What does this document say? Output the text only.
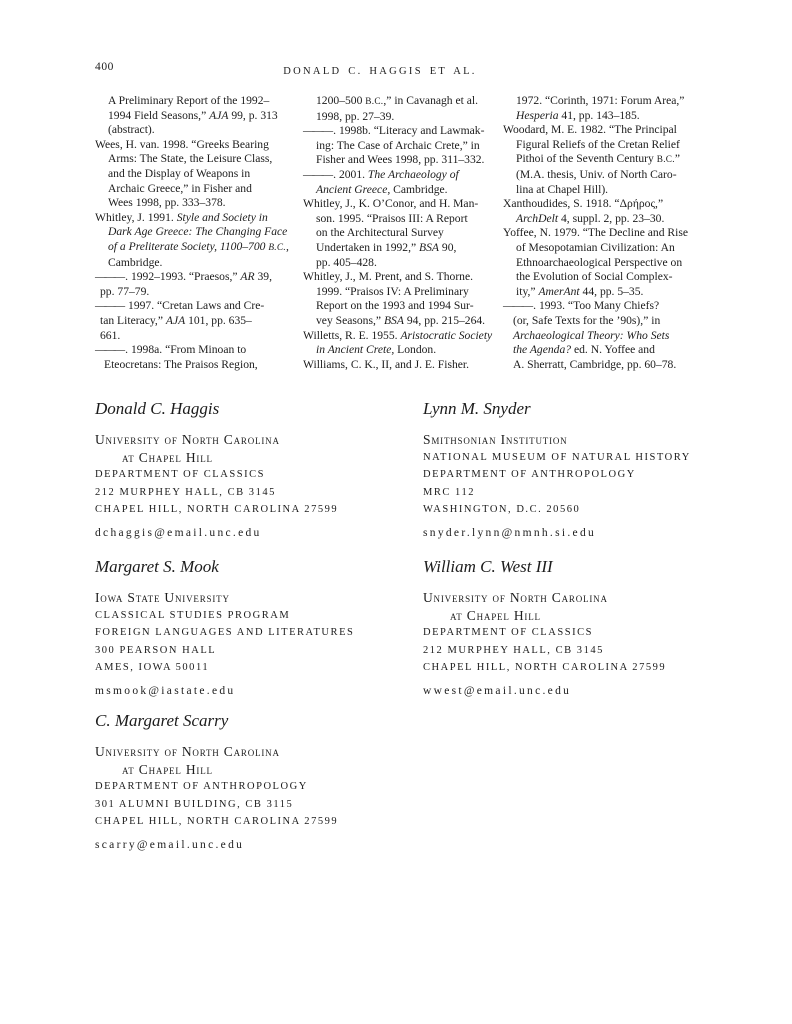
400	DONALD C. HAGGIS ET AL.
A Preliminary Report of the 1992–
1994 Field Seasons,” AJA 99, p. 313
(abstract).
Wees, H. van. 1998. “Greeks Bearing
Arms: The State, the Leisure Class,
and the Display of Weapons in
Archaic Greece,” in Fisher and
Wees 1998, pp. 333–378.
Whitley, J. 1991. Style and Society in
Dark Age Greece: The Changing Face
of a Preliterate Society, 1100–700 B.C.,
Cambridge.
——— . 1992–1993. “Praesos,” AR 39,
pp. 77–79.
——— 1997. “Cretan Laws and Cre-
tan Literacy,” AJA 101, pp. 635–
661.
——— . 1998a. “From Minoan to
Eteocretans: The Praisos Region,
1200–500 B.C.,” in Cavanagh et al.
1998, pp. 27–39.
——— . 1998b. “Literacy and Lawmak-
ing: The Case of Archaic Crete,” in
Fisher and Wees 1998, pp. 311–332.
——— . 2001. The Archaeology of
Ancient Greece, Cambridge.
Whitley, J., K. O’Conor, and H. Man-
son. 1995. “Praisos III: A Report
on the Architectural Survey
Undertaken in 1992,” BSA 90,
pp. 405–428.
Whitley, J., M. Prent, and S. Thorne.
1999. “Praisos IV: A Preliminary
Report on the 1993 and 1994 Sur-
vey Seasons,” BSA 94, pp. 215–264.
Willetts, R. E. 1955. Aristocratic Society
in Ancient Crete, London.
Williams, C. K., II, and J. E. Fisher.
1972. “Corinth, 1971: Forum Area,”
Hesperia 41, pp. 143–185.
Woodard, M. E. 1982. “The Principal
Figural Reliefs of the Cretan Relief
Pithoi of the Seventh Century B.C.”
(M.A. thesis, Univ. of North Caro-
lina at Chapel Hill).
Xanthoudides, S. 1918. “Δρήρος,”
ArchDelt 4, suppl. 2, pp. 23–30.
Yoffee, N. 1979. “The Decline and Rise
of Mesopotamian Civilization: An
Ethnoarchaeological Perspective on
the Evolution of Social Complex-
ity,” AmerAnt 44, pp. 5–35.
——— . 1993. “Too Many Chiefs?
(or, Safe Texts for the ’90s),” in
Archaeological Theory: Who Sets
the Agenda? ed. N. Yoffee and
A. Sherratt, Cambridge, pp. 60–78.
Donald C. Haggis
University of North Carolina
at Chapel Hill
DEPARTMENT OF CLASSICS
212 MURPHEY HALL, CB 3145
CHAPEL HILL, NORTH CAROLINA 27599
dchaggis@email.unc.edu
Lynn M. Snyder
Smithsonian Institution
NATIONAL MUSEUM OF NATURAL HISTORY
DEPARTMENT OF ANTHROPOLOGY
MRC 112
WASHINGTON, D.C. 20560
snyder.lynn@nmnh.si.edu
Margaret S. Mook
Iowa State University
CLASSICAL STUDIES PROGRAM
FOREIGN LANGUAGES AND LITERATURES
300 PEARSON HALL
AMES, IOWA 50011
msmook@iastate.edu
William C. West III
University of North Carolina
at Chapel Hill
DEPARTMENT OF CLASSICS
212 MURPHEY HALL, CB 3145
CHAPEL HILL, NORTH CAROLINA 27599
wwest@email.unc.edu
C. Margaret Scarry
University of North Carolina
at Chapel Hill
DEPARTMENT OF ANTHROPOLOGY
301 ALUMNI BUILDING, CB 3115
CHAPEL HILL, NORTH CAROLINA 27599
scarry@email.unc.edu
